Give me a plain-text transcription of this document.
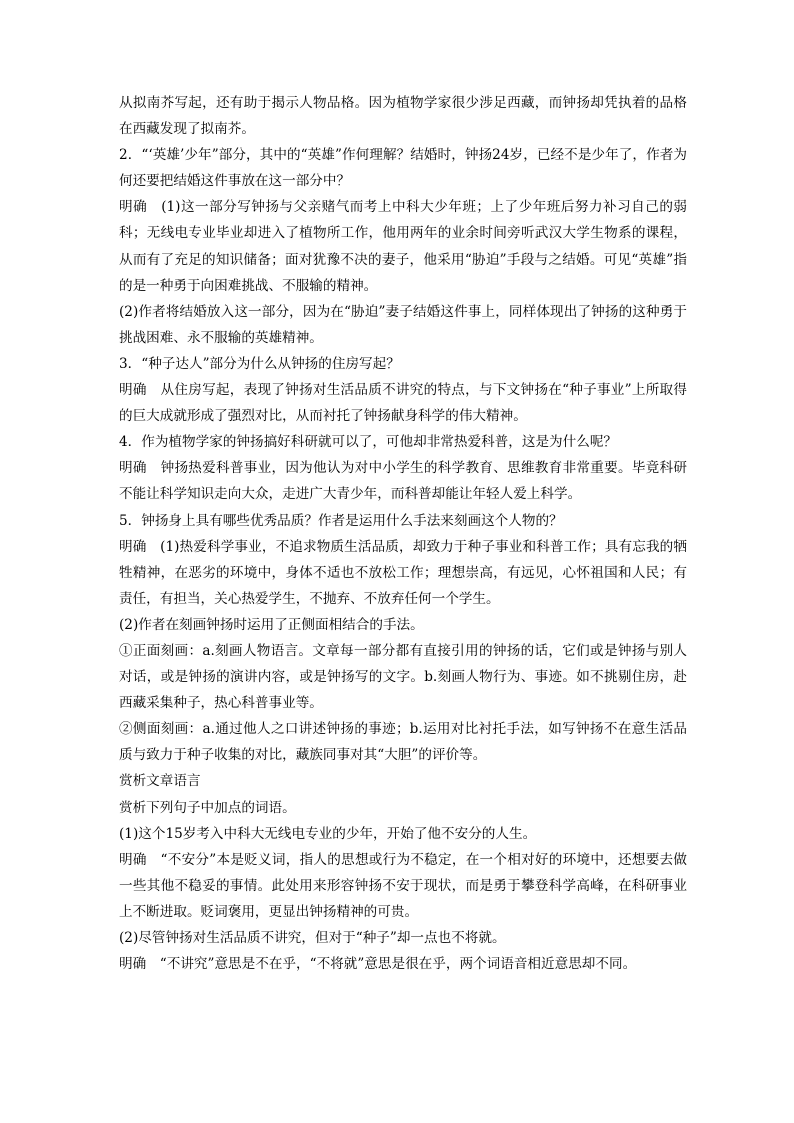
从拟南芥写起，还有助于揭示人物品格。因为植物学家很少涉足西藏，而钟扬却凭执着的品格在西藏发现了拟南芥。

2．“‘英雄’少年”部分，其中的“英雄”作何理解？结婚时，钟扬24岁，已经不是少年了，作者为何还要把结婚这件事放在这一部分中？

明确　(1)这一部分写钟扬与父亲赌气而考上中科大少年班；上了少年班后努力补习自己的弱科；无线电专业毕业却进入了植物所工作，他用两年的业余时间旁听武汉大学生物系的课程，从而有了充足的知识储备；面对犹豫不决的妻子，他采用“胁迫”手段与之结婚。可见“英雄”指的是一种勇于向困难挑战、不服输的精神。

(2)作者将结婚放入这一部分，因为在“胁迫”妻子结婚这件事上，同样体现出了钟扬的这种勇于挑战困难、永不服输的英雄精神。

3．“种子达人”部分为什么从钟扬的住房写起？

明确　从住房写起，表现了钟扬对生活品质不讲究的特点，与下文钟扬在“种子事业”上所取得的巨大成就形成了强烈对比，从而衬托了钟扬献身科学的伟大精神。

4．作为植物学家的钟扬搞好科研就可以了，可他却非常热爱科普，这是为什么呢？

明确　钟扬热爱科普事业，因为他认为对中小学生的科学教育、思维教育非常重要。毕竟科研不能让科学知识走向大众，走进广大青少年，而科普却能让年轻人爱上科学。

5．钟扬身上具有哪些优秀品质？作者是运用什么手法来刻画这个人物的？

明确　(1)热爱科学事业，不追求物质生活品质，却致力于种子事业和科普工作；具有忘我的牺牲精神，在恶劣的环境中，身体不适也不放松工作；理想崇高，有远见，心怀祖国和人民；有责任，有担当，关心热爱学生，不抛弃、不放弃任何一个学生。

(2)作者在刻画钟扬时运用了正侧面相结合的手法。

①正面刻画：a.刻画人物语言。文章每一部分都有直接引用的钟扬的话，它们或是钟扬与别人对话，或是钟扬的演讲内容，或是钟扬写的文字。b.刻画人物行为、事迹。如不挑剔住房，赴西藏采集种子，热心科普事业等。

②侧面刻画：a.通过他人之口讲述钟扬的事迹；b.运用对比衬托手法，如写钟扬不在意生活品质与致力于种子收集的对比，藏族同事对其“大胆”的评价等。

赏析文章语言

赏析下列句子中加点的词语。

(1)这个15岁考入中科大无线电专业的少年，开始了他不安分的人生。

明确　“不安分”本是贬义词，指人的思想或行为不稳定，在一个相对好的环境中，还想要去做一些其他不稳妥的事情。此处用来形容钟扬不安于现状，而是勇于攀登科学高峰，在科研事业上不断进取。贬词褒用，更显出钟扬精神的可贵。

(2)尽管钟扬对生活品质不讲究，但对于“种子”却一点也不将就。

明确　“不讲究”意思是不在乎，“不将就”意思是很在乎，两个词语音相近意思却不同。
